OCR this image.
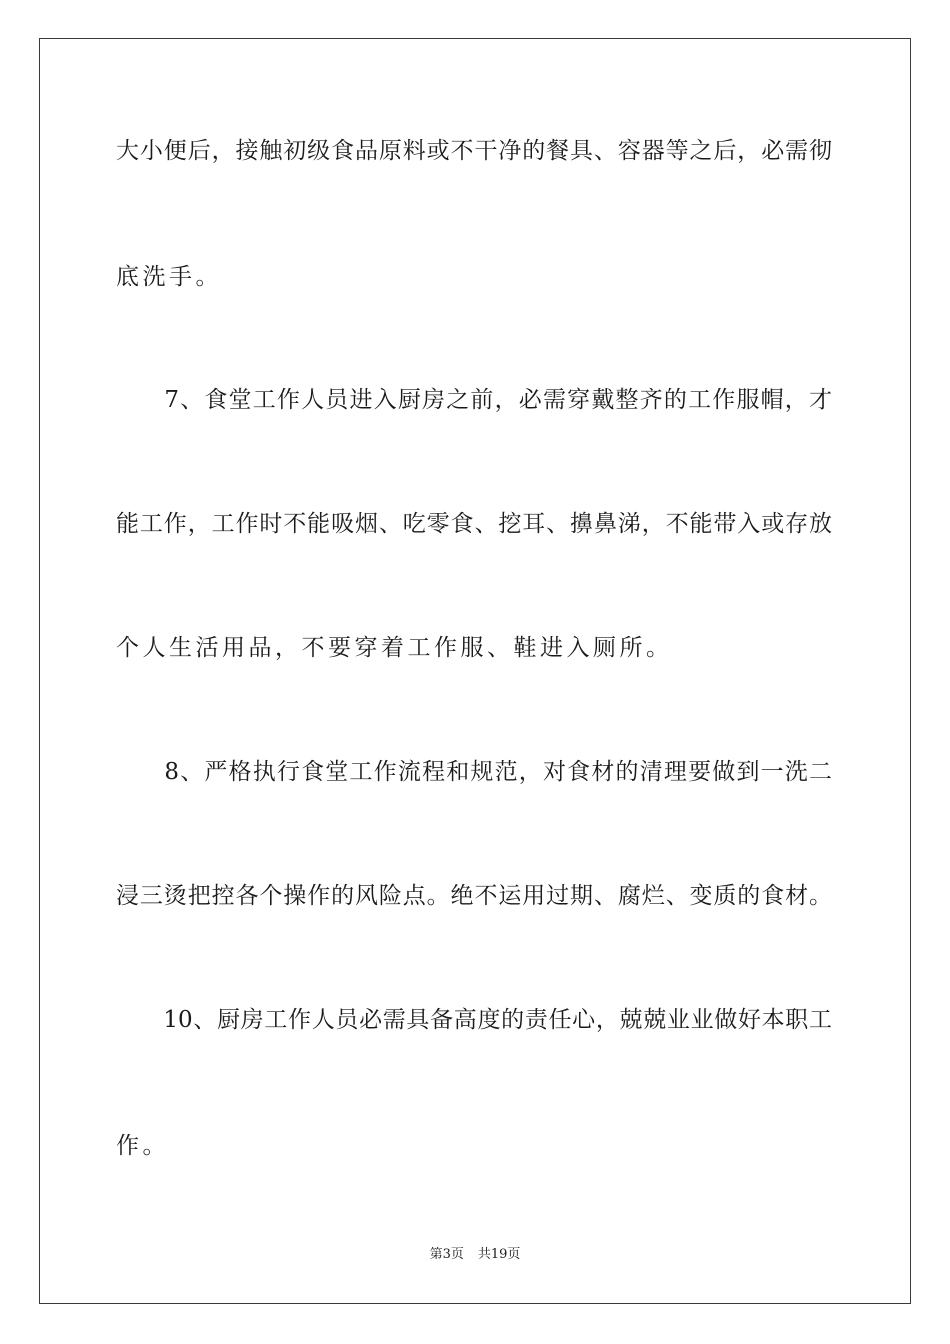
大小便后，接触初级食品原料或不干净的餐具、容器等之后，必需彻
底洗手。
　　7、食堂工作人员进入厨房之前，必需穿戴整齐的工作服帽，才
能工作，工作时不能吸烟、吃零食、挖耳、擤鼻涕，不能带入或存放
个人生活用品，不要穿着工作服、鞋进入厕所。
　　8、严格执行食堂工作流程和规范，对食材的清理要做到一洗二
浸三烫把控各个操作的风险点。绝不运用过期、腐烂、变质的食材。
　　10、厨房工作人员必需具备高度的责任心，兢兢业业做好本职工
作。
第3页 共19页
